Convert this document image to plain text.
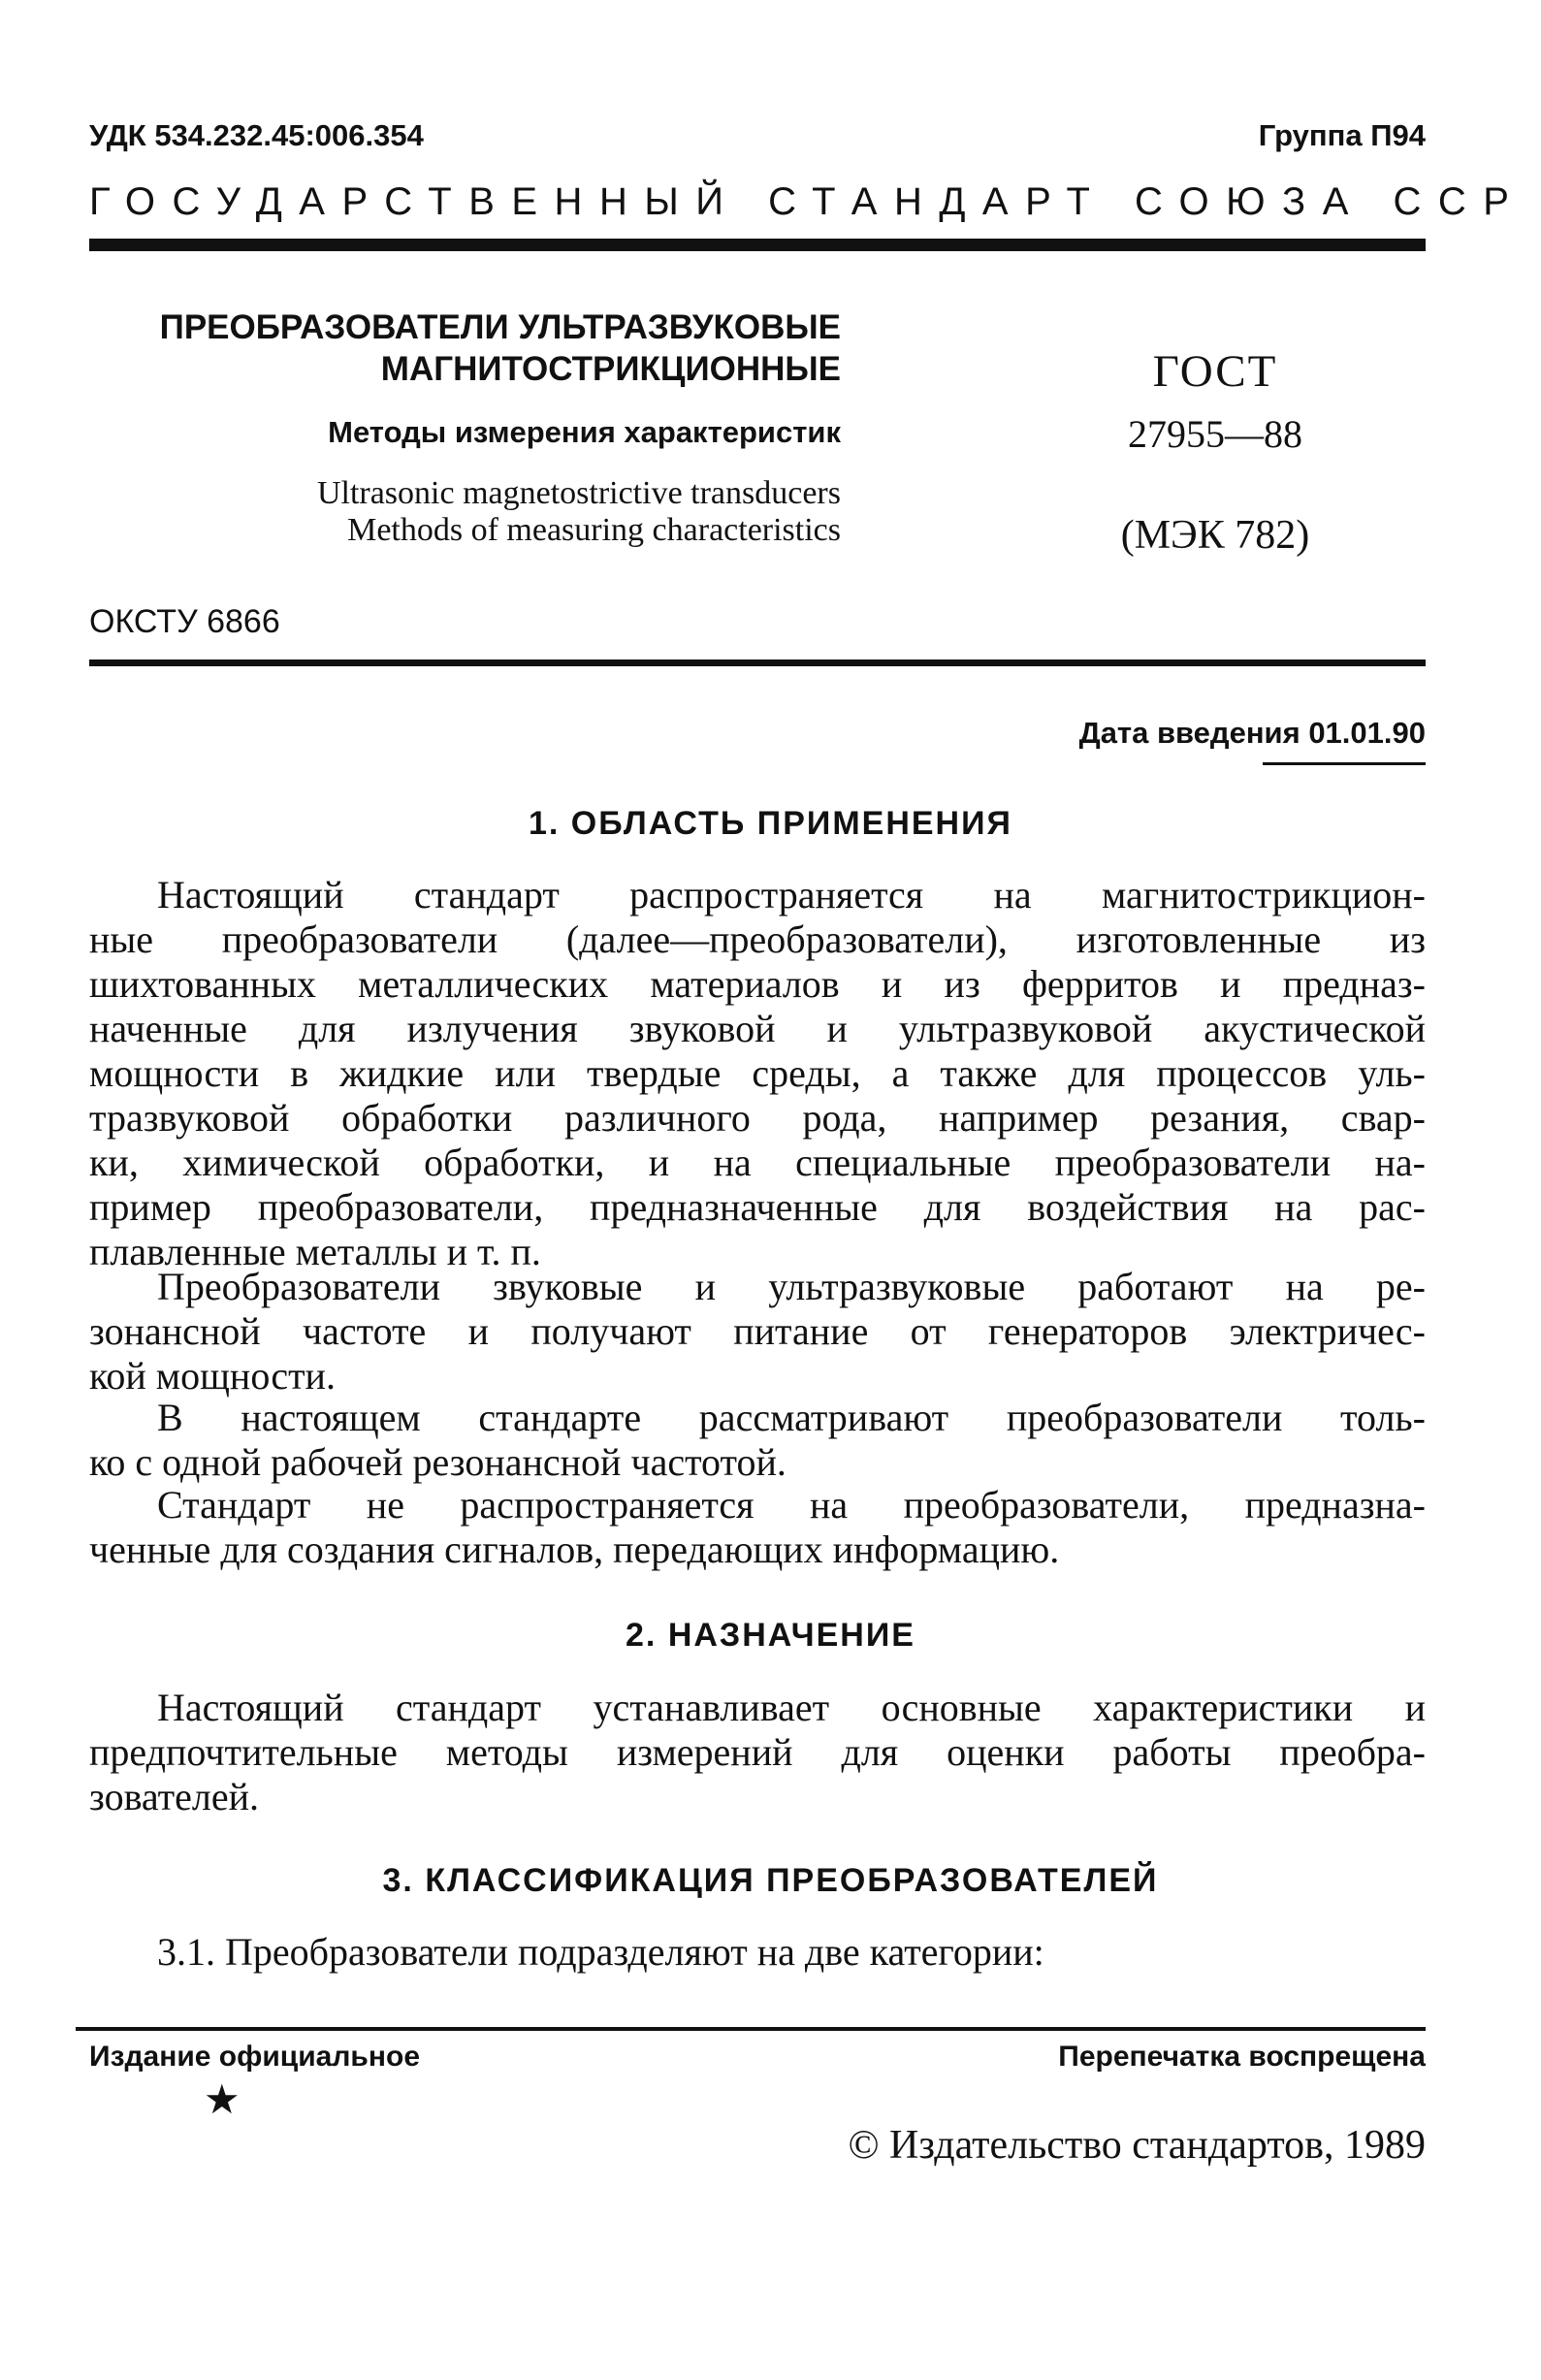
УДК 534.232.45:006.354	Группа П94
ГОСУДАРСТВЕННЫЙ СТАНДАРТ СОЮЗА ССР
ПРЕОБРАЗОВАТЕЛИ УЛЬТРАЗВУКОВЫЕ
МАГНИТОСТРИКЦИОННЫЕ
Методы измерения характеристик
Ultrasonic magnetostrictive transducers
Methods of measuring characteristics
ГОСТ
27955—88
(МЭК 782)
ОКСТУ 6866
Дата введения 01.01.90
1. ОБЛАСТЬ ПРИМЕНЕНИЯ
Настоящий стандарт распространяется на магнитострикцион-
ные преобразователи (далее—преобразователи), изготовленные из
шихтованных металлических материалов и из ферритов и предназ-
наченные для излучения звуковой и ультразвуковой акустической
мощности в жидкие или твердые среды, а также для процессов уль-
тразвуковой обработки различного рода, например резания, свар-
ки, химической обработки, и на специальные преобразователи на-
пример преобразователи, предназначенные для воздействия на рас-
плавленные металлы и т. п.
Преобразователи звуковые и ультразвуковые работают на ре-
зонансной частоте и получают питание от генераторов электричес-
кой мощности.
В настоящем стандарте рассматривают преобразователи толь-
ко с одной рабочей резонансной частотой.
Стандарт не распространяется на преобразователи, предназна-
ченные для создания сигналов, передающих информацию.
2. НАЗНАЧЕНИЕ
Настоящий стандарт устанавливает основные характеристики и
предпочтительные методы измерений для оценки работы преобра-
зователей.
3. КЛАССИФИКАЦИЯ ПРЕОБРАЗОВАТЕЛЕЙ
3.1. Преобразователи подразделяют на две категории:
Издание официальное	Перепечатка воспрещена
★
© Издательство стандартов, 1989
